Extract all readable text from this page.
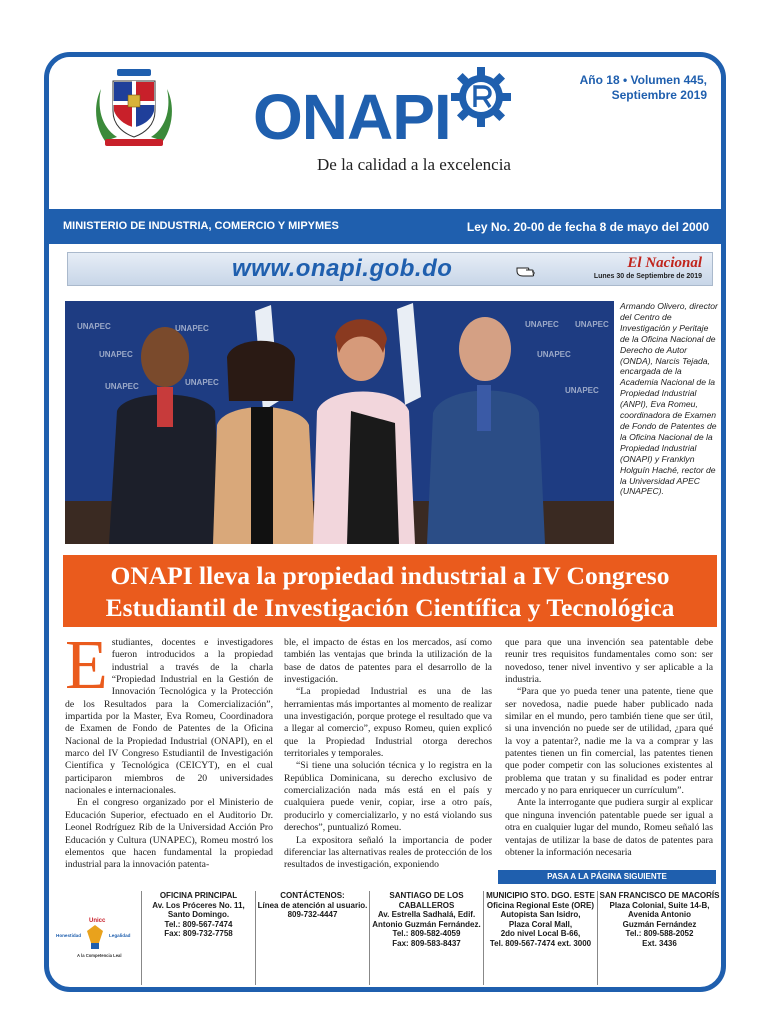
ONAPI
De la calidad a la excelencia
Año 18 • Volumen 445,
Septiembre 2019
MINISTERIO DE INDUSTRIA, COMERCIO Y MIPYMES	Ley No. 20-00 de fecha 8 de mayo del 2000
www.onapi.gob.do	El Nacional
Lunes 30 de Septiembre de 2019
UNAPEC	UNAPEC
UNAPEC
UNAPEC
UNAPEC
UNAPEC
UNAPEC
UNAPEC
UNAPEC
Armando Olivero, director del Centro de Investigación y Peritaje de la Oficina Nacional de Derecho de Autor (ONDA), Narcis Tejada, encargada de la Academia Nacional de la Propiedad Industrial (ANPI), Eva Romeu, coordinadora de Examen de Fondo de Patentes de la Oficina Nacional de la Propiedad Industrial (ONAPI) y Franklyn Holguín Haché, rector de la Universidad APEC (UNAPEC).
ONAPI lleva la propiedad industrial a IV Congreso
Estudiantil de Investigación Científica y Tecnológica

Estudiantes, docentes e investigadores fueron introducidos a la propiedad industrial a través de la charla “Propiedad Industrial en la Gestión de Innovación Tecnológica y la Protección de los Resultados para la Comercialización”, impartida por la Master, Eva Romeu, Coordinadora de Examen de Fondo de Patentes de la Oficina Nacional de la Propiedad Industrial (ONAPI), en el marco del IV Congreso Estudiantil de Investigación Científica y Tecnológica (CEICYT), en el cual participaron miembros de 20 universidades nacionales e internacionales.

En el congreso organizado por el Ministerio de Educación Superior, efectuado en el Auditorio Dr. Leonel Rodríguez Rib de la Universidad Acción Pro Educación y Cultura (UNAPEC), Romeu mostró los elementos que hacen fundamental la propiedad industrial para la innovación patenta-

ble, el impacto de éstas en los mercados, así como también las ventajas que brinda la utilización de la base de datos de patentes para el desarrollo de la investigación.

“La propiedad Industrial es una de las herramientas más importantes al momento de realizar una investigación, porque protege el resultado que va a llegar al comercio”, expuso Romeu, quien explicó que la Propiedad Industrial otorga derechos territoriales y temporales.

“Si tiene una solución técnica y lo registra en la República Dominicana, su derecho exclusivo de comercialización nada más está en el país y cualquiera puede venir, copiar, irse a otro país, producirlo y comercializarlo, y no está violando sus derechos”, puntualizó Romeu.

La expositora señaló la importancia de poder diferenciar las alternativas reales de protección de los resultados de investigación, exponiendo

que para que una invención sea patentable debe reunir tres requisitos fundamentales como son: ser novedoso, tener nivel inventivo y ser aplicable a la industria.

“Para que yo pueda tener una patente, tiene que ser novedosa, nadie puede haber publicado nada similar en el mundo, pero también tiene que ser útil, si una invención no puede ser de utilidad, ¿para qué la voy a patentar?, nadie me la va a comprar y las patentes tienen un fin comercial, las patentes tienen que poder competir con las soluciones existentes al problema que tratan y su finalidad es poder entrar mercado y no para enriquecer un currículum”.

Ante la interrogante que pudiera surgir al explicar que ninguna invención patentable puede ser igual a otra en cualquier lugar del mundo, Romeu señaló las ventajas de utilizar la base de datos de patentes para obtener la información necesaria

PASA A LA PÁGINA SIGUIENTE
Unicc
Honestidad	Legalidad
A la Competencia Leal
OFICINA PRINCIPAL
Av. Los Próceres No. 11,
Santo Domingo.
Tel.: 809-567-7474
Fax: 809-732-7758
CONTÁCTENOS:
Línea de atención al usuario.
809-732-4447
SANTIAGO DE LOS CABALLEROS
Av. Estrella Sadhalá, Edif.
Antonio Guzmán Fernández.
Tel.: 809-582-4059
Fax: 809-583-8437
MUNICIPIO STO. DGO. ESTE
Oficina Regional Este (ORE)
Autopista San Isidro,
Plaza Coral Mall,
2do nivel Local B-66,
Tel. 809-567-7474 ext. 3000
SAN FRANCISCO DE MACORÍS
Plaza Colonial, Suite 14-B,
Avenida Antonio
Guzmán Fernández
Tel.: 809-588-2052
Ext. 3436
